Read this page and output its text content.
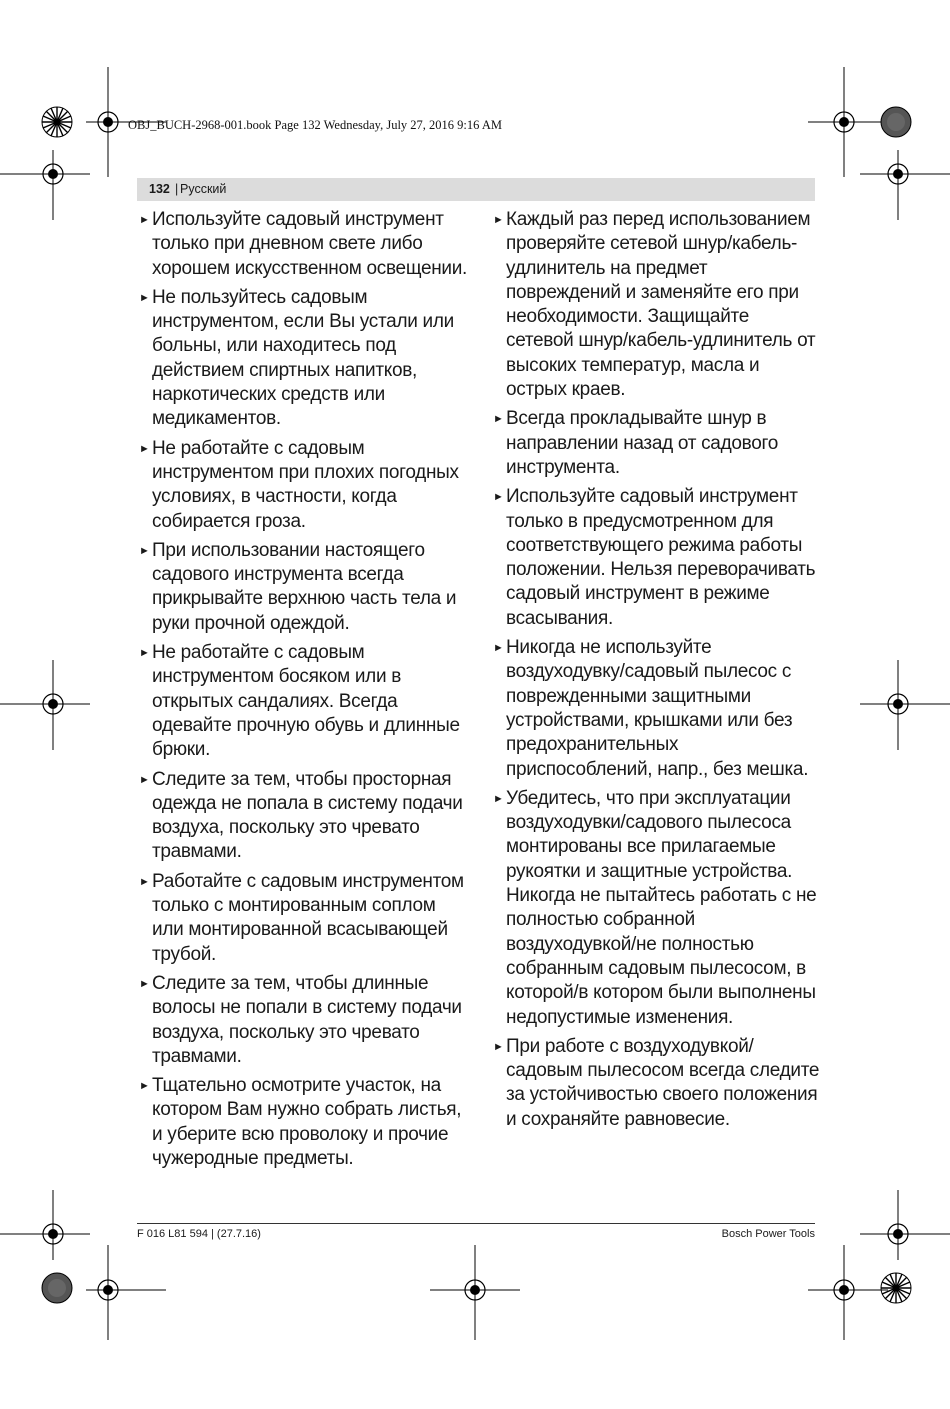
OBJ_BUCH-2968-001.book Page 132 Wednesday, July 27, 2016 9:16 AM
132 | Русский
► Используйте садовый инструмент только при дневном свете либо хорошем искусственном освещении.
► Не пользуйтесь садовым инструментом, если Вы устали или больны, или находитесь под действием спиртных напитков, наркотических средств или медикаментов.
► Не работайте с садовым инструментом при плохих погодных условиях, в частности, когда собирается гроза.
► При использовании настоящего садового инструмента всегда прикрывайте верхнюю часть тела и руки прочной одеждой.
► Не работайте с садовым инструментом босяком или в открытых сандалиях. Всегда одевайте прочную обувь и длинные брюки.
► Следите за тем, чтобы просторная одежда не попала в систему подачи воздуха, поскольку это чревато травмами.
► Работайте с садовым инструментом только с монтированным соплом или монтированной всасывающей трубой.
► Следите за тем, чтобы длинные волосы не попали в систему подачи воздуха, поскольку это чревато травмами.
► Тщательно осмотрите участок, на котором Вам нужно собрать листья, и уберите всю проволоку и прочие чужеродные предметы.
► Каждый раз перед использованием проверяйте сетевой шнур/кабель-удлинитель на предмет повреждений и заменяйте его при необходимости. Защищайте сетевой шнур/кабель-удлинитель от высоких температур, масла и острых краев.
► Всегда прокладывайте шнур в направлении назад от садового инструмента.
► Используйте садовый инструмент только в предусмотренном для соответствующего режима работы положении. Нельзя переворачивать садовый инструмент в режиме всасывания.
► Никогда не используйте воздуходувку/садовый пылесос с поврежденными защитными устройствами, крышками или без предохранительных приспособлений, напр., без мешка.
► Убедитесь, что при эксплуатации воздуходувки/садового пылесоса монтированы все прилагаемые рукоятки и защитные устройства. Никогда не пытайтесь работать с не полностью собранной воздуходувкой/не полностью собранным садовым пылесосом, в которой/в котором были выполнены недопустимые изменения.
► При работе с воздуходувкой/садовым пылесосом всегда следите за устойчивостью своего положения и сохраняйте равновесие.
F 016 L81 594 | (27.7.16)	Bosch Power Tools
